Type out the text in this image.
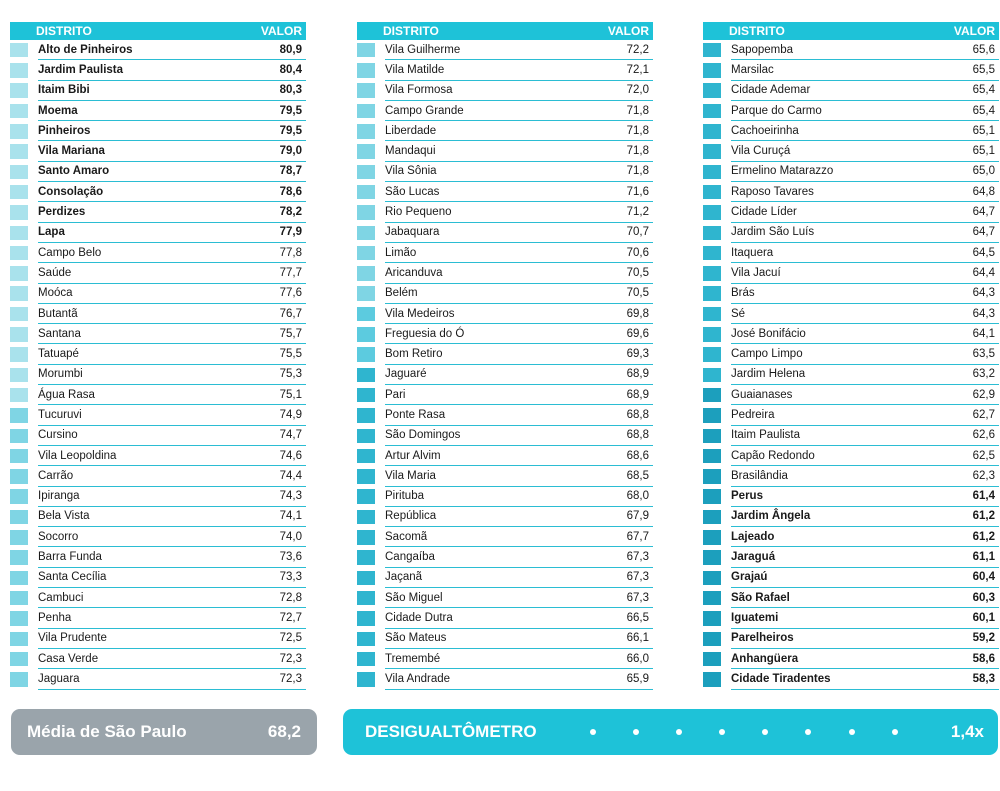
DISTRITO	VALOR
Alto de Pinheiros	80,9
Jardim Paulista	80,4
Itaim Bibi	80,3
Moema	79,5
Pinheiros	79,5
Vila Mariana	79,0
Santo Amaro	78,7
Consolação	78,6
Perdizes	78,2
Lapa	77,9
Campo Belo	77,8
Saúde	77,7
Moóca	77,6
Butantã	76,7
Santana	75,7
Tatuapé	75,5
Morumbi	75,3
Água Rasa	75,1
Tucuruvi	74,9
Cursino	74,7
Vila Leopoldina	74,6
Carrão	74,4
Ipiranga	74,3
Bela Vista	74,1
Socorro	74,0
Barra Funda	73,6
Santa Cecília	73,3
Cambuci	72,8
Penha	72,7
Vila Prudente	72,5
Casa Verde	72,3
Jaguara	72,3
DISTRITO	VALOR
Vila Guilherme	72,2
Vila Matilde	72,1
Vila Formosa	72,0
Campo Grande	71,8
Liberdade	71,8
Mandaqui	71,8
Vila Sônia	71,8
São Lucas	71,6
Rio Pequeno	71,2
Jabaquara	70,7
Limão	70,6
Aricanduva	70,5
Belém	70,5
Vila Medeiros	69,8
Freguesia do Ó	69,6
Bom Retiro	69,3
Jaguaré	68,9
Pari	68,9
Ponte Rasa	68,8
São Domingos	68,8
Artur Alvim	68,6
Vila Maria	68,5
Pirituba	68,0
República	67,9
Sacomã	67,7
Cangaíba	67,3
Jaçanã	67,3
São Miguel	67,3
Cidade Dutra	66,5
São Mateus	66,1
Tremembé	66,0
Vila Andrade	65,9
DISTRITO	VALOR
Sapopemba	65,6
Marsilac	65,5
Cidade Ademar	65,4
Parque do Carmo	65,4
Cachoeirinha	65,1
Vila Curuçá	65,1
Ermelino Matarazzo	65,0
Raposo Tavares	64,8
Cidade Líder	64,7
Jardim São Luís	64,7
Itaquera	64,5
Vila Jacuí	64,4
Brás	64,3
Sé	64,3
José Bonifácio	64,1
Campo Limpo	63,5
Jardim Helena	63,2
Guaianases	62,9
Pedreira	62,7
Itaim Paulista	62,6
Capão Redondo	62,5
Brasilândia	62,3
Perus	61,4
Jardim Ângela	61,2
Lajeado	61,2
Jaraguá	61,1
Grajaú	60,4
São Rafael	60,3
Iguatemi	60,1
Parelheiros	59,2
Anhangüera	58,6
Cidade Tiradentes	58,3
Média de São Paulo	68,2	DESIGUALTÔMETRO	1,4x
